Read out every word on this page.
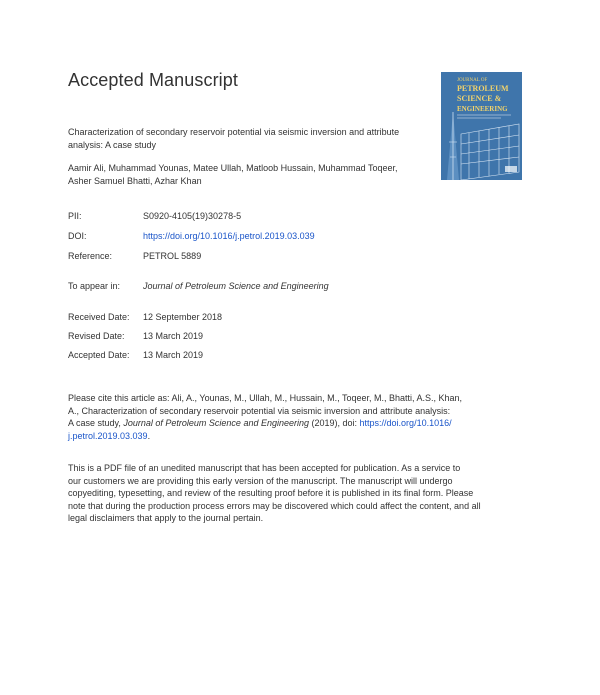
Accepted Manuscript	JOURNAL OF
PETROLEUM
SCIENCE &
ENGINEERING
Characterization of secondary reservoir potential via seismic inversion and attribute
analysis: A case study
Aamir Ali, Muhammad Younas, Matee Ullah, Matloob Hussain, Muhammad Toqeer,
Asher Samuel Bhatti, Azhar Khan
PII:	S0920-4105(19)30278-5
DOI:	https://doi.org/10.1016/j.petrol.2019.03.039
Reference:	PETROL 5889
To appear in:	Journal of Petroleum Science and Engineering
Received Date: 12 September 2018
Revised Date: 13 March 2019
Accepted Date: 13 March 2019
Please cite this article as: Ali, A., Younas, M., Ullah, M., Hussain, M., Toqeer, M., Bhatti, A.S., Khan,
A., Characterization of secondary reservoir potential via seismic inversion and attribute analysis:
A case study, Journal of Petroleum Science and Engineering (2019), doi: https://doi.org/10.1016/
j.petrol.2019.03.039.
This is a PDF file of an unedited manuscript that has been accepted for publication. As a service to
our customers we are providing this early version of the manuscript. The manuscript will undergo
copyediting, typesetting, and review of the resulting proof before it is published in its final form. Please
note that during the production process errors may be discovered which could affect the content, and all
legal disclaimers that apply to the journal pertain.
